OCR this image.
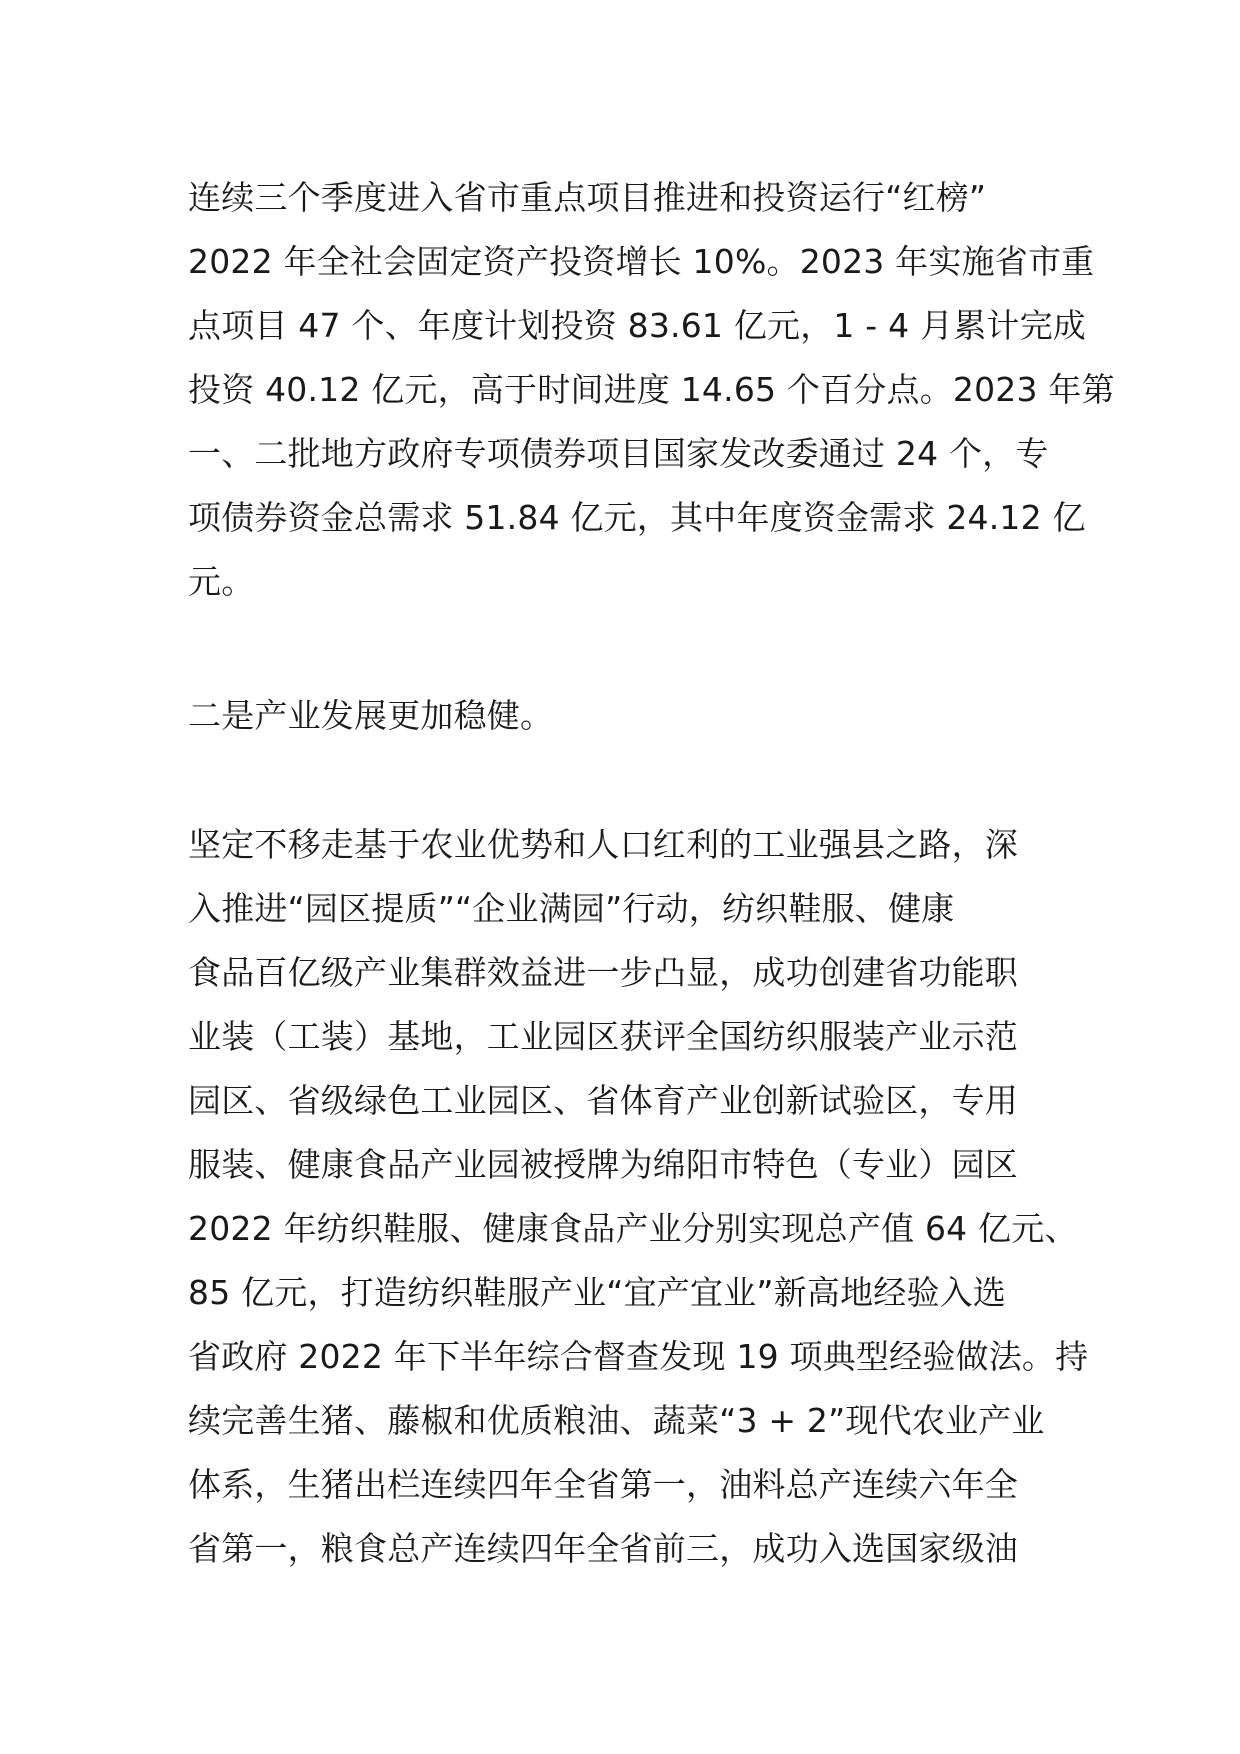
连续三个季度进入省市重点项目推进和投资运行“红榜”
2022 年全社会固定资产投资增长 10%。2023 年实施省市重
点项目 47 个、年度计划投资 83.61 亿元，1 - 4 月累计完成
投资 40.12 亿元，高于时间进度 14.65 个百分点。2023 年第
一、二批地方政府专项债券项目国家发改委通过 24 个，专
项债券资金总需求 51.84 亿元，其中年度资金需求 24.12 亿
元。
二是产业发展更加稳健。
坚定不移走基于农业优势和人口红利的工业强县之路，深
入推进“园区提质”“企业满园”行动，纺织鞋服、健康
食品百亿级产业集群效益进一步凸显，成功创建省功能职
业装（工装）基地，工业园区获评全国纺织服装产业示范
园区、省级绿色工业园区、省体育产业创新试验区，专用
服装、健康食品产业园被授牌为绵阳市特色（专业）园区
2022 年纺织鞋服、健康食品产业分别实现总产值 64 亿元、
85 亿元，打造纺织鞋服产业“宜产宜业”新高地经验入选
省政府 2022 年下半年综合督查发现 19 项典型经验做法。持
续完善生猪、藤椒和优质粮油、蔬菜“3 + 2”现代农业产业
体系，生猪出栏连续四年全省第一，油料总产连续六年全
省第一，粮食总产连续四年全省前三，成功入选国家级油
